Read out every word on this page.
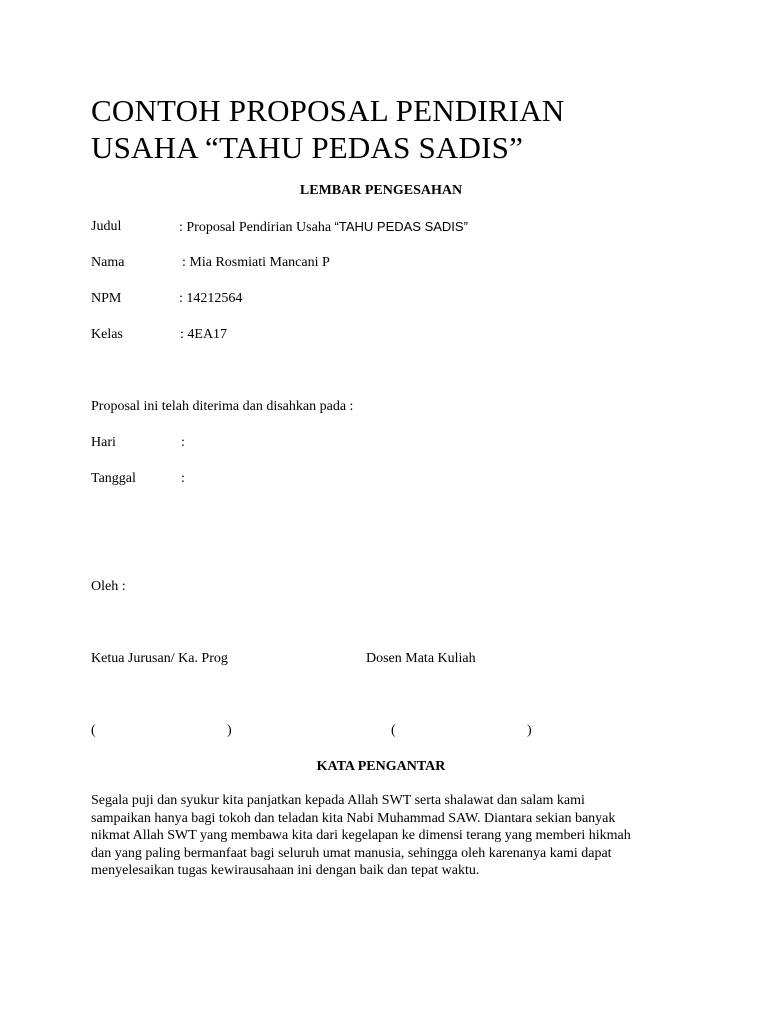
CONTOH PROPOSAL PENDIRIAN
USAHA “TAHU PEDAS SADIS”

LEMBAR PENGESAHAN

Judul	: Proposal Pendirian Usaha “TAHU PEDAS SADIS”

Nama	: Mia Rosmiati Mancani P

NPM	: 14212564

Kelas	: 4EA17

Proposal ini telah diterima dan disahkan pada :

Hari	:

Tanggal	:

Oleh :

Ketua Jurusan/ Ka. Prog	Dosen Mata Kuliah

(	)	(	)

KATA PENGANTAR

Segala puji dan syukur kita panjatkan kepada Allah SWT serta shalawat dan salam kami
sampaikan hanya bagi tokoh dan teladan kita Nabi Muhammad SAW. Diantara sekian banyak
nikmat Allah SWT yang membawa kita dari kegelapan ke dimensi terang yang memberi hikmah
dan yang paling bermanfaat bagi seluruh umat manusia, sehingga oleh karenanya kami dapat
menyelesaikan tugas kewirausahaan ini dengan baik dan tepat waktu.
